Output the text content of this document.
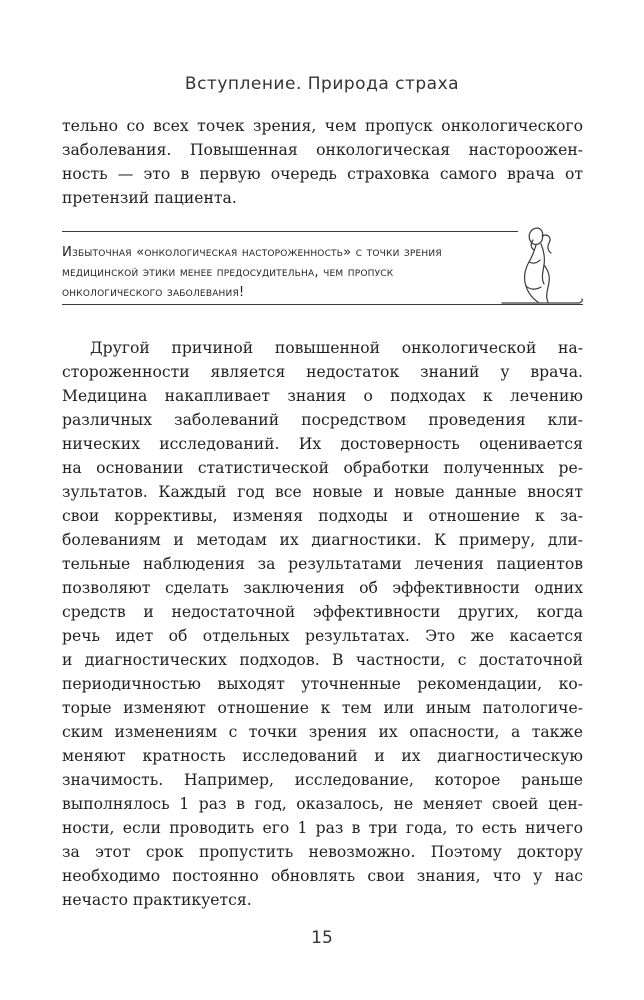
Вступление. Природа страха
тельно со всех точек зрения, чем пропуск онкологического
заболевания. Повышенная онкологическая настороожен-
ность — это в первую очередь страховка самого врача от
претензий пациента.
Избыточная «онкологическая настороженность» с точки зрения
медицинской этики менее предосудительна, чем пропуск
онкологического заболевания!
Другой причиной повышенной онкологической на-
стороженности является недостаток знаний у врача.
Медицина накапливает знания о подходах к лечению
различных заболеваний посредством проведения кли-
нических исследований. Их достоверность оценивается
на основании статистической обработки полученных ре-
зультатов. Каждый год все новые и новые данные вносят
свои коррективы, изменяя подходы и отношение к за-
болеваниям и методам их диагностики. К примеру, дли-
тельные наблюдения за результатами лечения пациентов
позволяют сделать заключения об эффективности одних
средств и недостаточной эффективности других, когда
речь идет об отдельных результатах. Это же касается
и диагностических подходов. В частности, с достаточной
периодичностью выходят уточненные рекомендации, ко-
торые изменяют отношение к тем или иным патологиче-
ским изменениям с точки зрения их опасности, а также
меняют кратность исследований и их диагностическую
значимость. Например, исследование, которое раньше
выполнялось 1 раз в год, оказалось, не меняет своей цен-
ности, если проводить его 1 раз в три года, то есть ничего
за этот срок пропустить невозможно. Поэтому доктору
необходимо постоянно обновлять свои знания, что у нас
нечасто практикуется.
15
